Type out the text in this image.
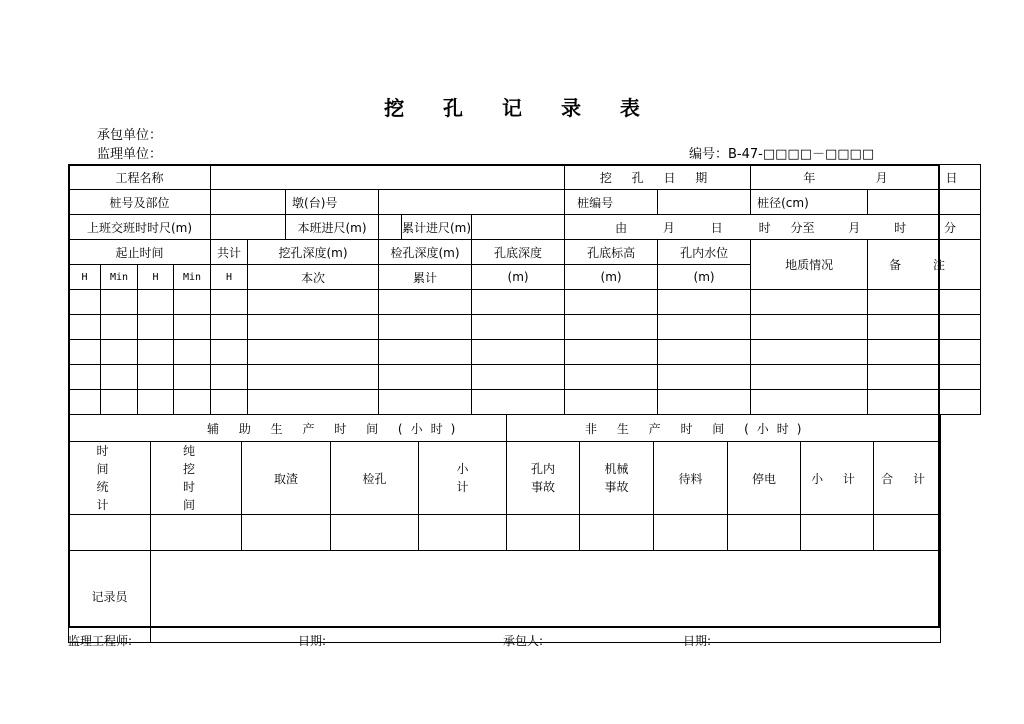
挖 孔 记 录 表
承包单位：
监理单位：	编号：B-47-□□□□－□□□□
工程名称									挖 孔 日 期		年	月 日
桩号及部位						墩(台)号			桩编号		桩径(cm)	
上班交班时时尺(m)						本班进尺(m)	累计进尺(m)		由 月 日 时 分至 月 时 分			
起止时间				共计	挖孔深度(m)		检孔深度(m)	孔底深度	孔底标高	孔内水位	地质情况	备 注
H	Min	H	Min	H	本次		累计	(m)	(m)	(m)		

辅 助 生 产 时 间 (小时)					非 生 产 时 间 (小时)					
时 间 统 计	纯 挖 时 间	取渣	检孔	小 计	孔内 事故	机械 事故	待料	停电	小 计	合 计

记录员										
监理工程师:	日期:	承包人:	日期:
